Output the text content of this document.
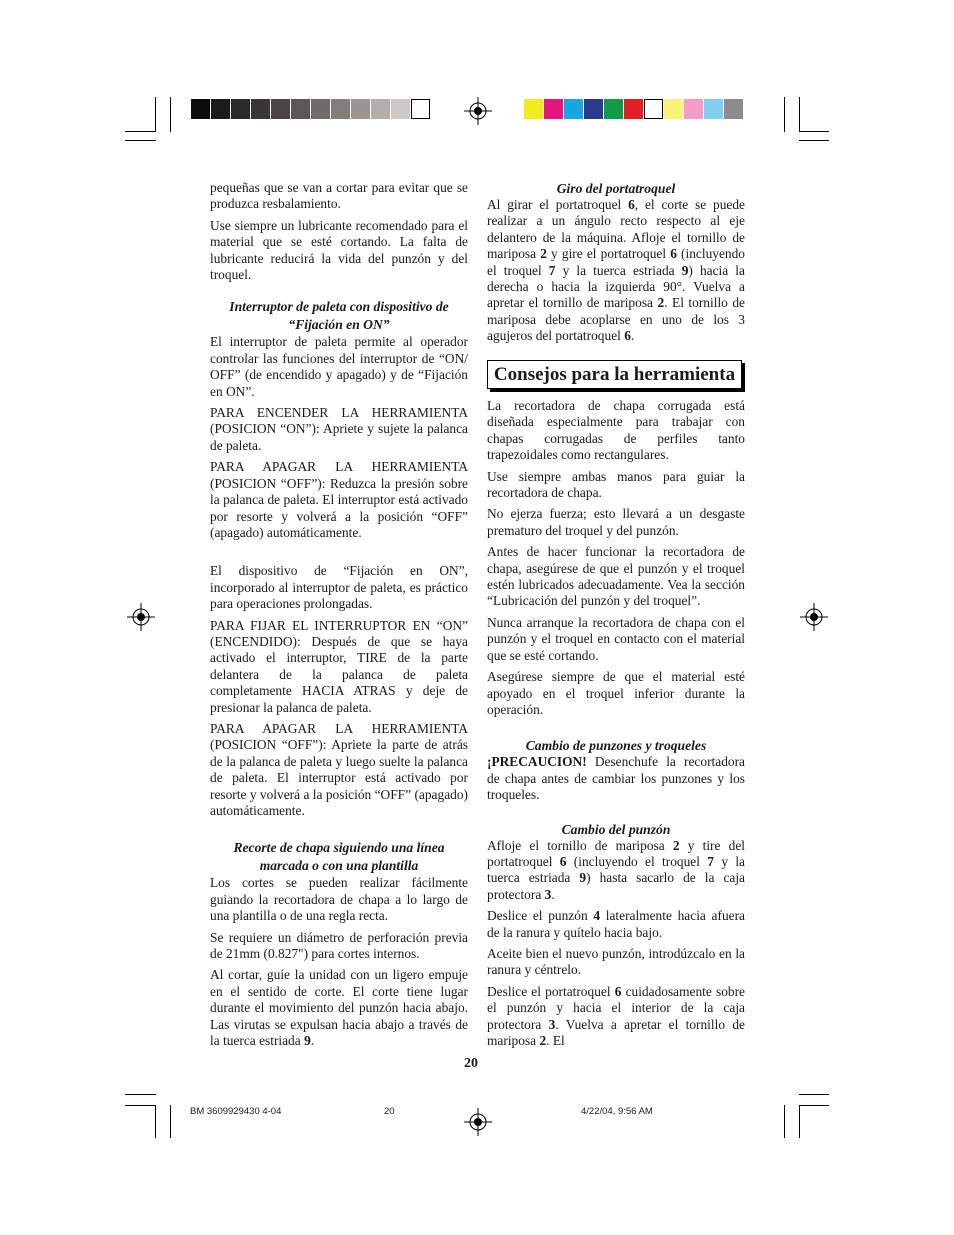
pequeñas que se van a cortar para evitar que se produzca resbalamiento.

Use siempre un lubricante recomendado para el material que se esté cortando. La falta de lubricante reducirá la vida del punzón y del troquel.

Interruptor de paleta con dispositivo de “Fijación en ON”

El interruptor de paleta permite al operador controlar las funciones del interruptor de “ON/ OFF” (de encendido y apagado) y de “Fijación en ON”.

PARA ENCENDER LA HERRAMIENTA (POSICION “ON”): Apriete y sujete la palanca de paleta.

PARA APAGAR LA HERRAMIENTA (POSICION “OFF”): Reduzca la presión sobre la palanca de paleta. El interruptor está activado por resorte y volverá a la posición “OFF” (apagado) automáticamente.

El dispositivo de “Fijación en ON”, incorporado al interruptor de paleta, es práctico para operaciones prolongadas.

PARA FIJAR EL INTERRUPTOR EN “ON” (ENCENDIDO): Después de que se haya activado el interruptor, TIRE de la parte delantera de la palanca de paleta completamente HACIA ATRAS y deje de presionar la palanca de paleta.

PARA APAGAR LA HERRAMIENTA (POSICION “OFF”): Apriete la parte de atrás de la palanca de paleta y luego suelte la palanca de paleta. El interruptor está activado por resorte y volverá a la posición “OFF” (apagado) automáticamente.

Recorte de chapa siguiendo una línea marcada o con una plantilla

Los cortes se pueden realizar fácilmente guiando la recortadora de chapa a lo largo de una plantilla o de una regla recta.

Se requiere un diámetro de perforación previa de 21mm (0.827") para cortes internos.

Al cortar, guíe la unidad con un ligero empuje en el sentido de corte. El corte tiene lugar durante el movimiento del punzón hacia abajo. Las virutas se expulsan hacia abajo a través de la tuerca estriada 9.

Giro del portatroquel

Al girar el portatroquel 6, el corte se puede realizar a un ángulo recto respecto al eje delantero de la máquina. Afloje el tornillo de mariposa 2 y gire el portatroquel 6 (incluyendo el troquel 7 y la tuerca estriada 9) hacia la derecha o hacia la izquierda 90°. Vuelva a apretar el tornillo de mariposa 2. El tornillo de mariposa debe acoplarse en uno de los 3 agujeros del portatroquel 6.

Consejos para la herramienta

La recortadora de chapa corrugada está diseñada especialmente para trabajar con chapas corrugadas de perfiles tanto trapezoidales como rectangulares.

Use siempre ambas manos para guiar la recortadora de chapa.

No ejerza fuerza; esto llevará a un desgaste prematuro del troquel y del punzón.

Antes de hacer funcionar la recortadora de chapa, asegúrese de que el punzón y el troquel estén lubricados adecuadamente. Vea la sección “Lubricación del punzón y del troquel”.

Nunca arranque la recortadora de chapa con el punzón y el troquel en contacto con el material que se esté cortando.

Asegúrese siempre de que el material esté apoyado en el troquel inferior durante la operación.

Cambio de punzones y troqueles

¡PRECAUCION! Desenchufe la recortadora de chapa antes de cambiar los punzones y los troqueles.

Cambio del punzón

Afloje el tornillo de mariposa 2 y tire del portatroquel 6 (incluyendo el troquel 7 y la tuerca estriada 9) hasta sacarlo de la caja protectora 3.

Deslice el punzón 4 lateralmente hacia afuera de la ranura y quítelo hacia bajo.

Aceite bien el nuevo punzón, introdúzcalo en la ranura y céntrelo.

Deslice el portatroquel 6 cuidadosamente sobre el punzón y hacia el interior de la caja protectora 3. Vuelva a apretar el tornillo de mariposa 2. El

20
BM 3609929430 4-04	20	4/22/04, 9:56 AM
